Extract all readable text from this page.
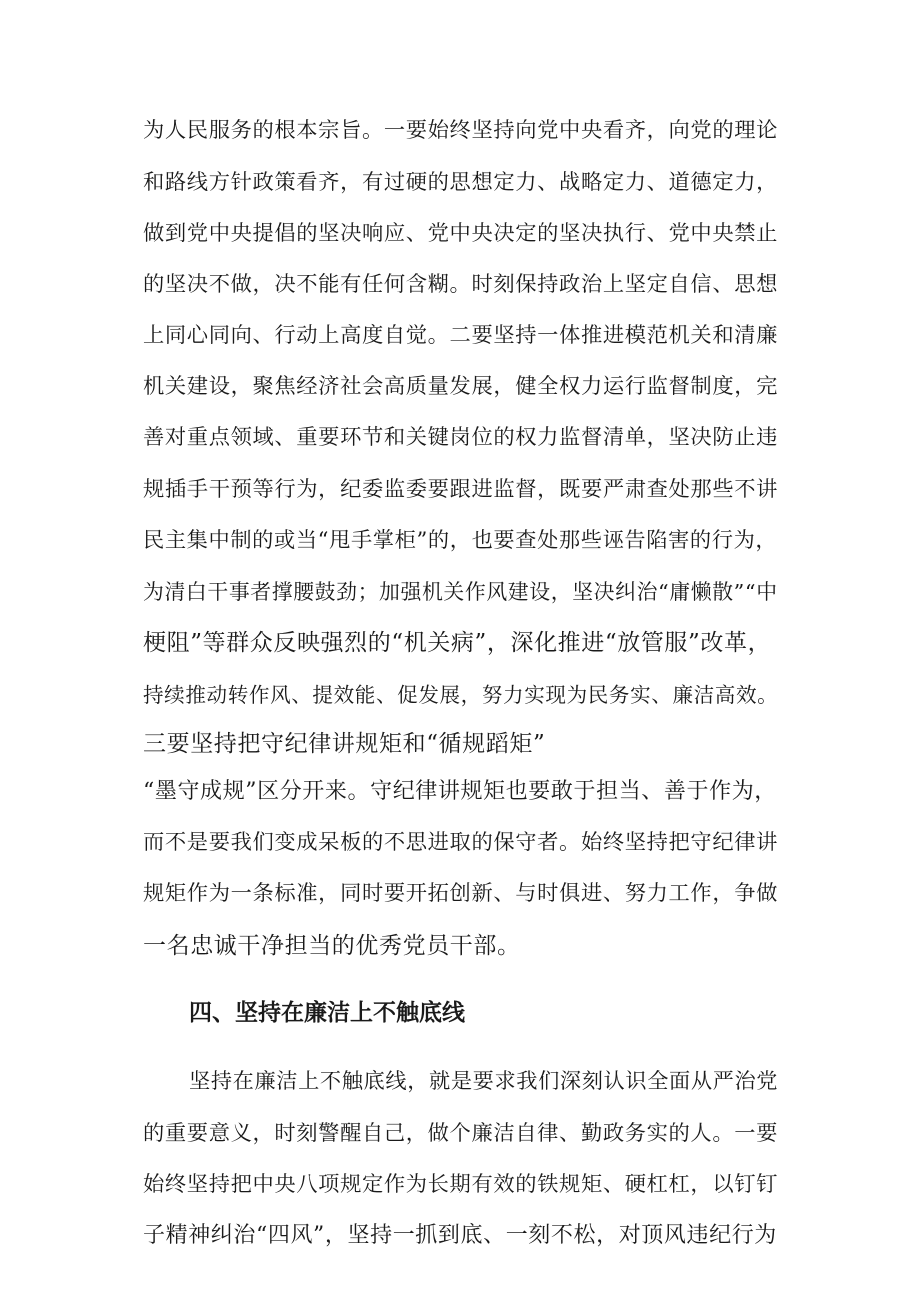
为人民服务的根本宗旨。一要始终坚持向党中央看齐，向党的理论
和路线方针政策看齐，有过硬的思想定力、战略定力、道德定力，
做到党中央提倡的坚决响应、党中央决定的坚决执行、党中央禁止
的坚决不做，决不能有任何含糊。时刻保持政治上坚定自信、思想
上同心同向、行动上高度自觉。二要坚持一体推进模范机关和清廉
机关建设，聚焦经济社会高质量发展，健全权力运行监督制度，完
善对重点领域、重要环节和关键岗位的权力监督清单，坚决防止违
规插手干预等行为，纪委监委要跟进监督，既要严肃查处那些不讲
民主集中制的或当“甩手掌柜”的，也要查处那些诬告陷害的行为，
为清白干事者撑腰鼓劲；加强机关作风建设，坚决纠治“庸懒散”“中
梗阻”等群众反映强烈的“机关病”，深化推进“放管服”改革，
持续推动转作风、提效能、促发展，努力实现为民务实、廉洁高效。
三要坚持把守纪律讲规矩和“循规蹈矩”
“墨守成规”区分开来。守纪律讲规矩也要敢于担当、善于作为，
而不是要我们变成呆板的不思进取的保守者。始终坚持把守纪律讲
规矩作为一条标准，同时要开拓创新、与时俱进、努力工作，争做
一名忠诚干净担当的优秀党员干部。
四、坚持在廉洁上不触底线
坚持在廉洁上不触底线，就是要求我们深刻认识全面从严治党
的重要意义，时刻警醒自己，做个廉洁自律、勤政务实的人。一要
始终坚持把中央八项规定作为长期有效的铁规矩、硬杠杠，以钉钉
子精神纠治“四风”，坚持一抓到底、一刻不松，对顶风违纪行为
